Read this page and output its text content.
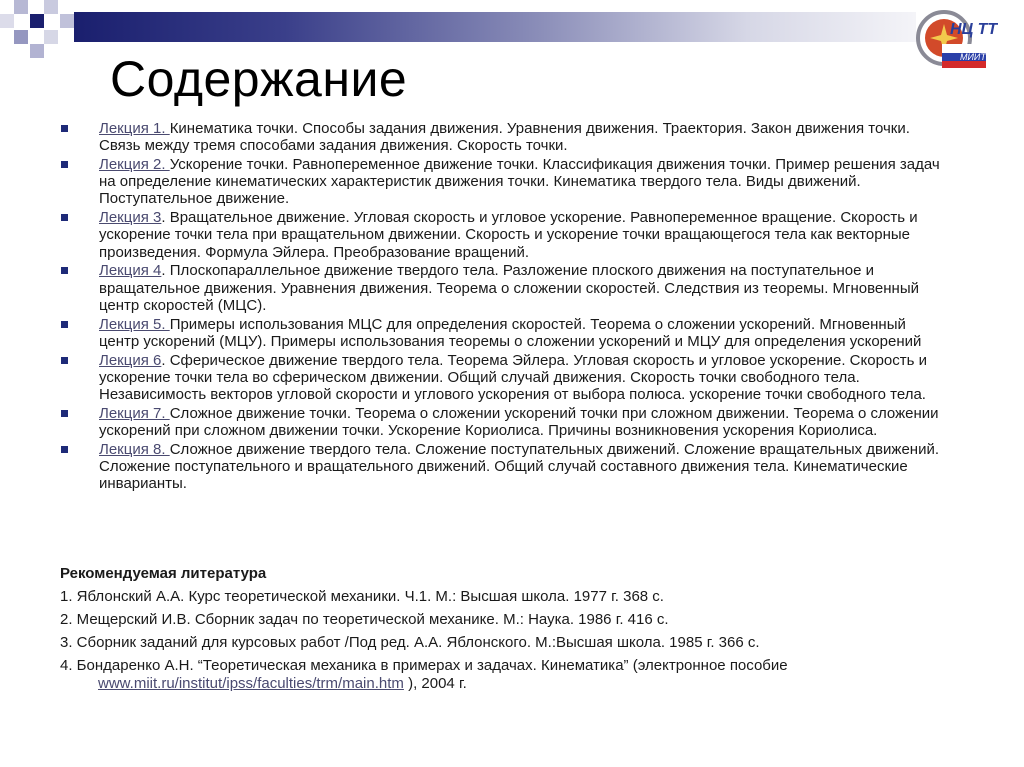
НЦ ТТ
МИИТ
Содержание
Лекция 1. Кинематика точки. Способы задания движения. Уравнения движения. Траектория. Закон движения точки. Связь между тремя способами задания движения. Скорость точки.
Лекция 2. Ускорение точки. Равнопеременное движение точки. Классификация движения точки. Пример решения задач на определение кинематических характеристик движения точки. Кинематика твердого тела. Виды движений. Поступательное движение.
Лекция 3. Вращательное движение. Угловая скорость и угловое ускорение. Равнопеременное вращение. Скорость и ускорение точки тела при вращательном движении. Скорость и ускорение точки вращающегося тела как векторные произведения. Формула Эйлера. Преобразование вращений.
Лекция 4. Плоскопараллельное движение твердого тела. Разложение плоского движения на поступательное и вращательное движения. Уравнения движения. Теорема о сложении скоростей. Следствия из теоремы. Мгновенный центр скоростей (МЦС).
Лекция 5. Примеры использования МЦС для определения скоростей. Теорема о сложении ускорений. Мгновенный центр ускорений (МЦУ). Примеры использования теоремы о сложении ускорений и МЦУ для определения ускорений
Лекция 6. Сферическое движение твердого тела. Теорема Эйлера. Угловая скорость и угловое ускорение. Скорость и ускорение точки тела во сферическом движении. Общий случай движения. Скорость точки свободного тела. Независимость векторов угловой скорости и углового ускорения от выбора полюса. ускорение точки свободного тела.
Лекция 7. Сложное движение точки. Теорема о сложении ускорений точки при сложном движении. Теорема о сложении ускорений при сложном движении точки. Ускорение Кориолиса. Причины возникновения ускорения Кориолиса.
Лекция 8. Сложное движение твердого тела. Сложение поступательных движений. Сложение вращательных движений. Сложение поступательного и вращательного движений. Общий случай составного движения тела. Кинематические инварианты.

Рекомендуемая литература

1. Яблонский А.А. Курс теоретической механики. Ч.1. М.: Высшая школа. 1977 г. 368 с.

2. Мещерский И.В. Сборник задач по теоретической механике. М.: Наука. 1986 г. 416 с.

3. Сборник заданий для курсовых работ /Под ред. А.А. Яблонского. М.:Высшая школа. 1985 г. 366 с.

4. Бондаренко А.Н. “Теоретическая механика в примерах и задачах. Кинематика” (электронное пособие
www.miit.ru/institut/ipss/faculties/trm/main.htm ), 2004 г.
